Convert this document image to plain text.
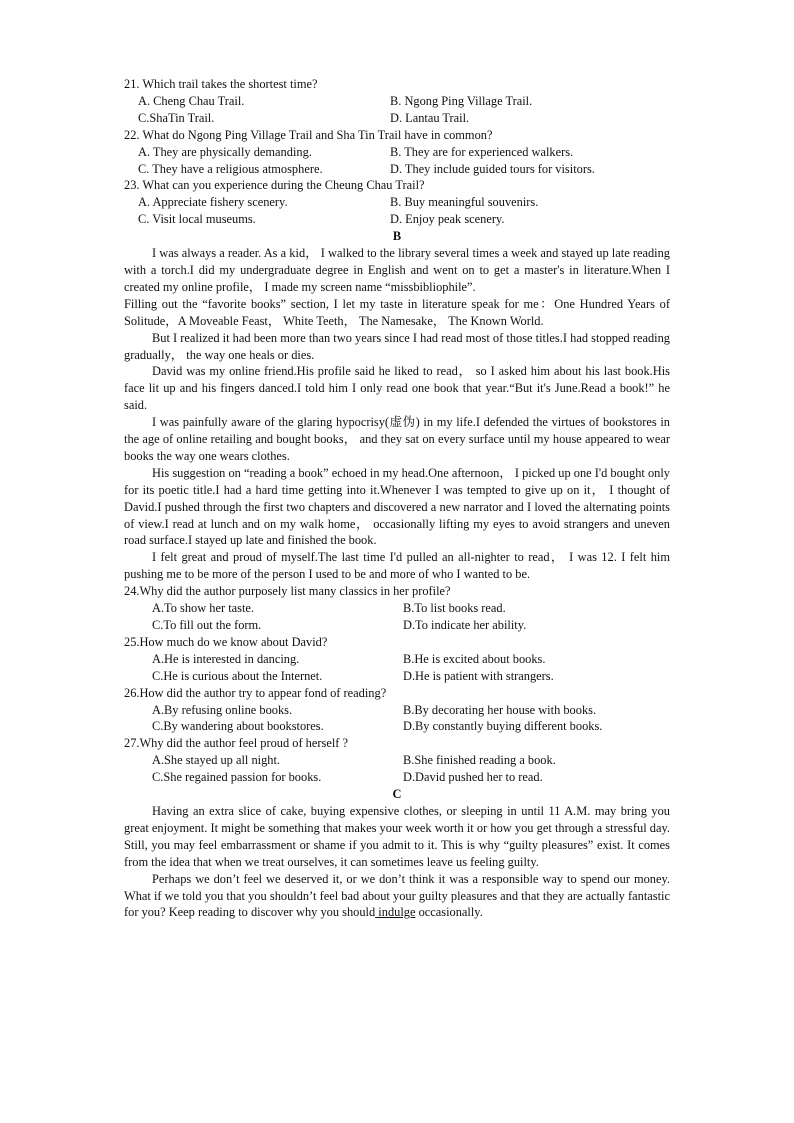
21. Which trail takes the shortest time?

A. Cheng Chau Trail.	B. Ngong Ping Village Trail.
C.ShaTin Trail.	D. Lantau Trail.

22. What do Ngong Ping Village Trail and Sha Tin Trail have in common?

A. They are physically demanding.	B. They are for experienced walkers.
C. They have a religious atmosphere.	D. They include guided tours for visitors.

23. What can you experience during the Cheung Chau Trail?

A. Appreciate fishery scenery.	B. Buy meaningful souvenirs.
C. Visit local museums.	D. Enjoy peak scenery.

B

I was always a reader. As a kid， I walked to the library several times a week and stayed up late reading with a torch.I did my undergraduate degree in English and went on to get a master's in literature.When I created my online profile， I made my screen name “missbibliophile”.

Filling out the “favorite books” section, I let my taste in literature speak for me：One Hundred Years of Solitude，A Moveable Feast， White Teeth， The Namesake， The Known World.

But I realized it had been more than two years since I had read most of those titles.I had stopped reading gradually， the way one heals or dies.

David was my online friend.His profile said he liked to read， so I asked him about his last book.His face lit up and his fingers danced.I told him I only read one book that year.“But it's June.Read a book!” he said.

I was painfully aware of the glaring hypocrisy(虚伪) in my life.I defended the virtues of bookstores in the age of online retailing and bought books， and they sat on every surface until my house appeared to wear books the way one wears clothes.

His suggestion on “reading a book” echoed in my head.One afternoon， I picked up one I'd bought only for its poetic title.I had a hard time getting into it.Whenever I was tempted to give up on it， I thought of David.I pushed through the first two chapters and discovered a new narrator and I loved the alternating points of view.I read at lunch and on my walk home， occasionally lifting my eyes to avoid strangers and uneven road surface.I stayed up late and finished the book.

I felt great and proud of myself.The last time I'd pulled an all-nighter to read， I was 12. I felt him pushing me to be more of the person I used to be and more of who I wanted to be.

24.Why did the author purposely list many classics in her profile?

A.To show her taste.	B.To list books read.
C.To fill out the form.	D.To indicate her ability.

25.How much do we know about David?

A.He is interested in dancing.	B.He is excited about books.
C.He is curious about the Internet.	D.He is patient with strangers.

26.How did the author try to appear fond of reading?

A.By refusing online books.	B.By decorating her house with books.
C.By wandering about bookstores.	D.By constantly buying different books.

27.Why did the author feel proud of herself ?

A.She stayed up all night.	B.She finished reading a book.
C.She regained passion for books.	D.David pushed her to read.

C

Having an extra slice of cake, buying expensive clothes, or sleeping in until 11 A.M. may bring you great enjoyment. It might be something that makes your week worth it or how you get through a stressful day. Still, you may feel embarrassment or shame if you admit to it. This is why “guilty pleasures” exist. It comes from the idea that when we treat ourselves, it can sometimes leave us feeling guilty.

Perhaps we don’t feel we deserved it, or we don’t think it was a responsible way to spend our money. What if we told you that you shouldn’t feel bad about your guilty pleasures and that they are actually fantastic for you? Keep reading to discover why you should indulge occasionally.
